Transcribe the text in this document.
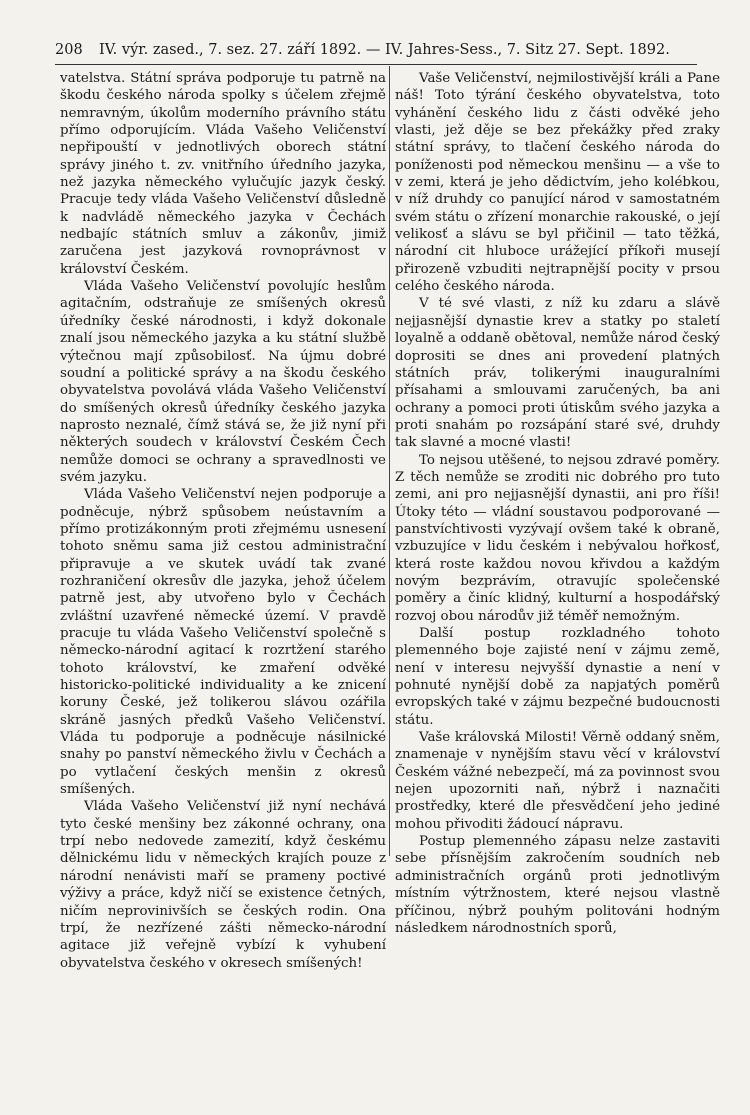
208 IV. výr. zased., 7. sez. 27. září 1892. — IV. Jahres-Sess., 7. Sitz 27. Sept. 1892.

vatelstva. Státní správa podporuje tu patrně na škodu českého národa spolky s účelem zřejmě nemravným, úkolům moderního právního státu přímo odporujícím. Vláda Vašeho Veličenství nepřipouští v jednotlivých oborech státní správy jiného t. zv. vnitřního úředního jazyka, než jazyka německého vylučujíc jazyk český. Pracuje tedy vláda Vašeho Veličenství důsledně k nadvládě německého jazyka v Čechách nedbajíc státních smluv a zákonův, jimiž zaručena jest jazyková rovnoprávnost v království Českém.

Vláda Vašeho Veličenství povolujíc heslům agitačním, odstraňuje ze smíšených okresů úředníky české národnosti, i když dokonale znalí jsou německého jazyka a ku státní službě výtečnou mají způsobilosť. Na újmu dobré soudní a politické správy a na škodu českého obyvatelstva povolává vláda Vašeho Veličenství do smíšených okresů úředníky českého jazyka naprosto neznalé, čímž stává se, že již nyní při některých soudech v království Českém Čech nemůže domoci se ochrany a spravedlnosti ve svém jazyku.

Vláda Vašeho Veličenství nejen podporuje a podněcuje, nýbrž spůsobem neústavním a přímo protizákonným proti zřejmému usnesení tohoto sněmu sama již cestou administrační připravuje a ve skutek uvádí tak zvané rozhraničení okresův dle jazyka, jehož účelem patrně jest, aby utvořeno bylo v Čechách zvláštní uzavřené německé území. V pravdě pracuje tu vláda Vašeho Veličenství společně s německo-národní agitací k rozrtžení starého tohoto království, ke zmaření odvěké historicko-politické individuality a ke znicení koruny České, jež tolikerou slávou ozářila skráně jasných předků Vašeho Veličenství. Vláda tu podporuje a podněcuje násilnické snahy po panství německého živlu v Čechách a po vytlačení českých menšin z okresů smíšených.

Vláda Vašeho Veličenství již nyní nechává tyto české menšiny bez zákonné ochrany, ona trpí nebo nedovede zamezití, když českému dělnickému lidu v německých krajích pouze z národní nenávisti maří se prameny poctivé výživy a práce, když ničí se existence četných, ničím neprovinivších se českých rodin. Ona trpí, že nezřízené zášti německo-národní agitace již veřejně vybízí k vyhubení obyvatelstva českého v okresech smíšených!

Vaše Veličenství, nejmilostivější králi a Pane náš! Toto týrání českého obyvatelstva, toto vyhánění českého lidu z části odvěké jeho vlasti, jež děje se bez překážky před zraky státní správy, to tlačení českého národa do poníženosti pod německou menšinu — a vše to v zemi, která je jeho dědictvím, jeho kolébkou, v níž druhdy co panující národ v samostatném svém státu o zřízení monarchie rakouské, o její velikosť a slávu se byl přičinil — tato těžká, národní cit hluboce urážející příkoři musejí přirozeně vzbuditi nejtrapnější pocity v prsou celého českého národa.

V té své vlasti, z níž ku zdaru a slávě nejjasnější dynastie krev a statky po staletí loyalně a oddaně obětoval, nemůže národ český doprositi se dnes ani provedení platných státních práv, tolikerými inauguralními přísahami a smlouvami zaručených, ba ani ochrany a pomoci proti útiskům svého jazyka a proti snahám po rozsápání staré své, druhdy tak slavné a mocné vlasti!

To nejsou utěšené, to nejsou zdravé poměry. Z těch nemůže se zroditi nic dobrého pro tuto zemi, ani pro nejjasnější dynastii, ani pro říši! Útoky této — vládní soustavou podporované — panstvíchtivosti vyzývají ovšem také k obraně, vzbuzujíce v lidu českém i nebývalou hořkosť, která roste každou novou křivdou a každým novým bezprávím, otravujíc společenské poměry a činíc klidný, kulturní a hospodářský rozvoj obou národův již téměř nemožným.

Další postup rozkladného tohoto plemenného boje zajisté není v zájmu země, není v interesu nejvyšší dynastie a není v pohnuté nynější době za napjatých poměrů evropských také v zájmu bezpečné budoucnosti státu.

Vaše královská Milosti! Věrně oddaný sněm, znamenaje v nynějším stavu věcí v království Českém vážné nebezpečí, má za povinnost svou nejen upozorniti naň, nýbrž i naznačiti prostředky, které dle přesvědčení jeho jediné mohou přivoditi žádoucí nápravu.

Postup plemenného zápasu nelze zastaviti sebe přísnějším zakročením soudních neb administračních orgánů proti jednotlivým místním výtržnostem, které nejsou vlastně příčinou, nýbrž pouhým politováni hodným následkem národnostních sporů,
